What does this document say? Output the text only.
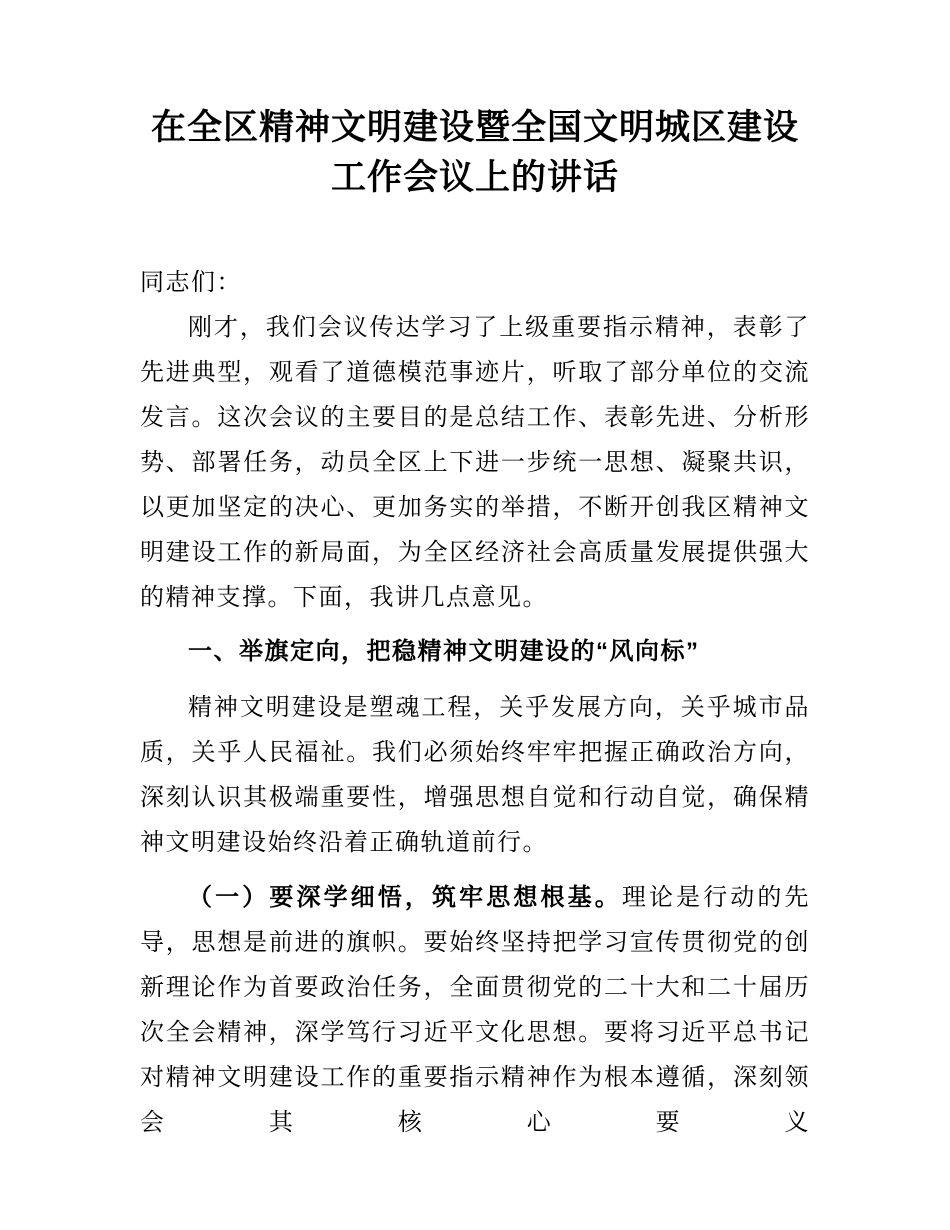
在全区精神文明建设暨全国文明城区建设工作会议上的讲话

同志们：

刚才，我们会议传达学习了上级重要指示精神，表彰了先进典型，观看了道德模范事迹片，听取了部分单位的交流发言。这次会议的主要目的是总结工作、表彰先进、分析形势、部署任务，动员全区上下进一步统一思想、凝聚共识，以更加坚定的决心、更加务实的举措，不断开创我区精神文明建设工作的新局面，为全区经济社会高质量发展提供强大的精神支撑。下面，我讲几点意见。

一、举旗定向，把稳精神文明建设的“风向标”

精神文明建设是塑魂工程，关乎发展方向，关乎城市品质，关乎人民福祉。我们必须始终牢牢把握正确政治方向，深刻认识其极端重要性，增强思想自觉和行动自觉，确保精神文明建设始终沿着正确轨道前行。

（一）要深学细悟，筑牢思想根基。理论是行动的先导，思想是前进的旗帜。要始终坚持把学习宣传贯彻党的创新理论作为首要政治任务，全面贯彻党的二十大和二十届历次全会精神，深学笃行习近平文化思想。要将习近平总书记对精神文明建设工作的重要指示精神作为根本遵循，深刻领会其核心要义
